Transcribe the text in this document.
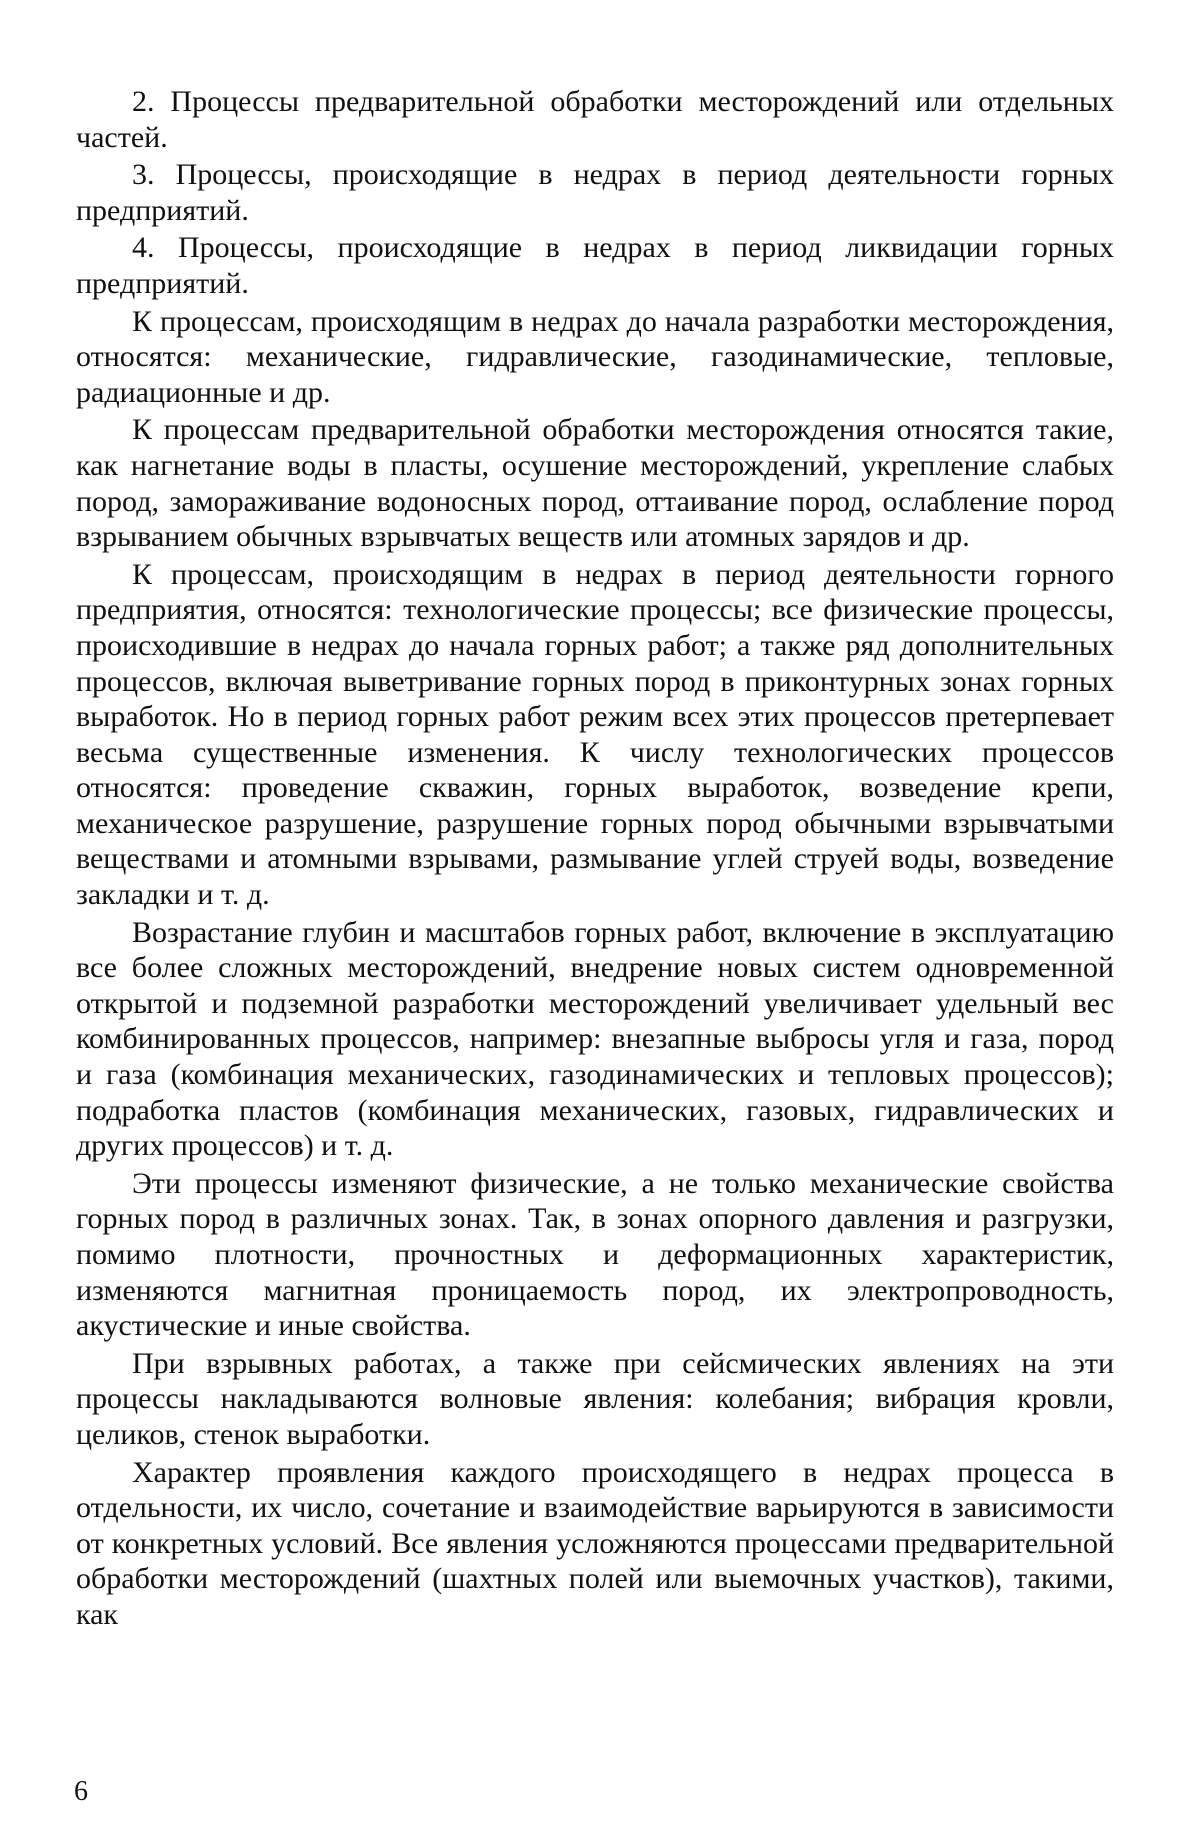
2. Процессы предварительной обработки месторождений или отдельных частей.

3. Процессы, происходящие в недрах в период деятельности горных предприятий.

4. Процессы, происходящие в недрах в период ликвидации горных предприятий.

К процессам, происходящим в недрах до начала разработки месторождения, относятся: механические, гидравлические, газодинамические, тепловые, радиационные и др.

К процессам предварительной обработки месторождения относятся такие, как нагнетание воды в пласты, осушение месторождений, укрепление слабых пород, замораживание водоносных пород, оттаивание пород, ослабление пород взрыванием обычных взрывчатых веществ или атомных зарядов и др.

К процессам, происходящим в недрах в период деятельности горного предприятия, относятся: технологические процессы; все физические процессы, происходившие в недрах до начала горных работ; а также ряд дополнительных процессов, включая выветривание горных пород в приконтурных зонах горных выработок. Но в период горных работ режим всех этих процессов претерпевает весьма существенные изменения. К числу технологических процессов относятся: проведение скважин, горных выработок, возведение крепи, механическое разрушение, разрушение горных пород обычными взрывчатыми веществами и атомными взрывами, размывание углей струей воды, возведение закладки и т. д.

Возрастание глубин и масштабов горных работ, включение в эксплуатацию все более сложных месторождений, внедрение новых систем одновременной открытой и подземной разработки месторождений увеличивает удельный вес комбинированных процессов, например: внезапные выбросы угля и газа, пород и газа (комбинация механических, газодинамических и тепловых процессов); подработка пластов (комбинация механических, газовых, гидравлических и других процессов) и т. д.

Эти процессы изменяют физические, а не только механические свойства горных пород в различных зонах. Так, в зонах опорного давления и разгрузки, помимо плотности, прочностных и деформационных характеристик, изменяются магнитная проницаемость пород, их электропроводность, акустические и иные свойства.

При взрывных работах, а также при сейсмических явлениях на эти процессы накладываются волновые явления: колебания; вибрация кровли, целиков, стенок выработки.

Характер проявления каждого происходящего в недрах процесса в отдельности, их число, сочетание и взаимодействие варьируются в зависимости от конкретных условий. Все явления усложняются процессами предварительной обработки месторождений (шахтных полей или выемочных участков), такими, как

6
